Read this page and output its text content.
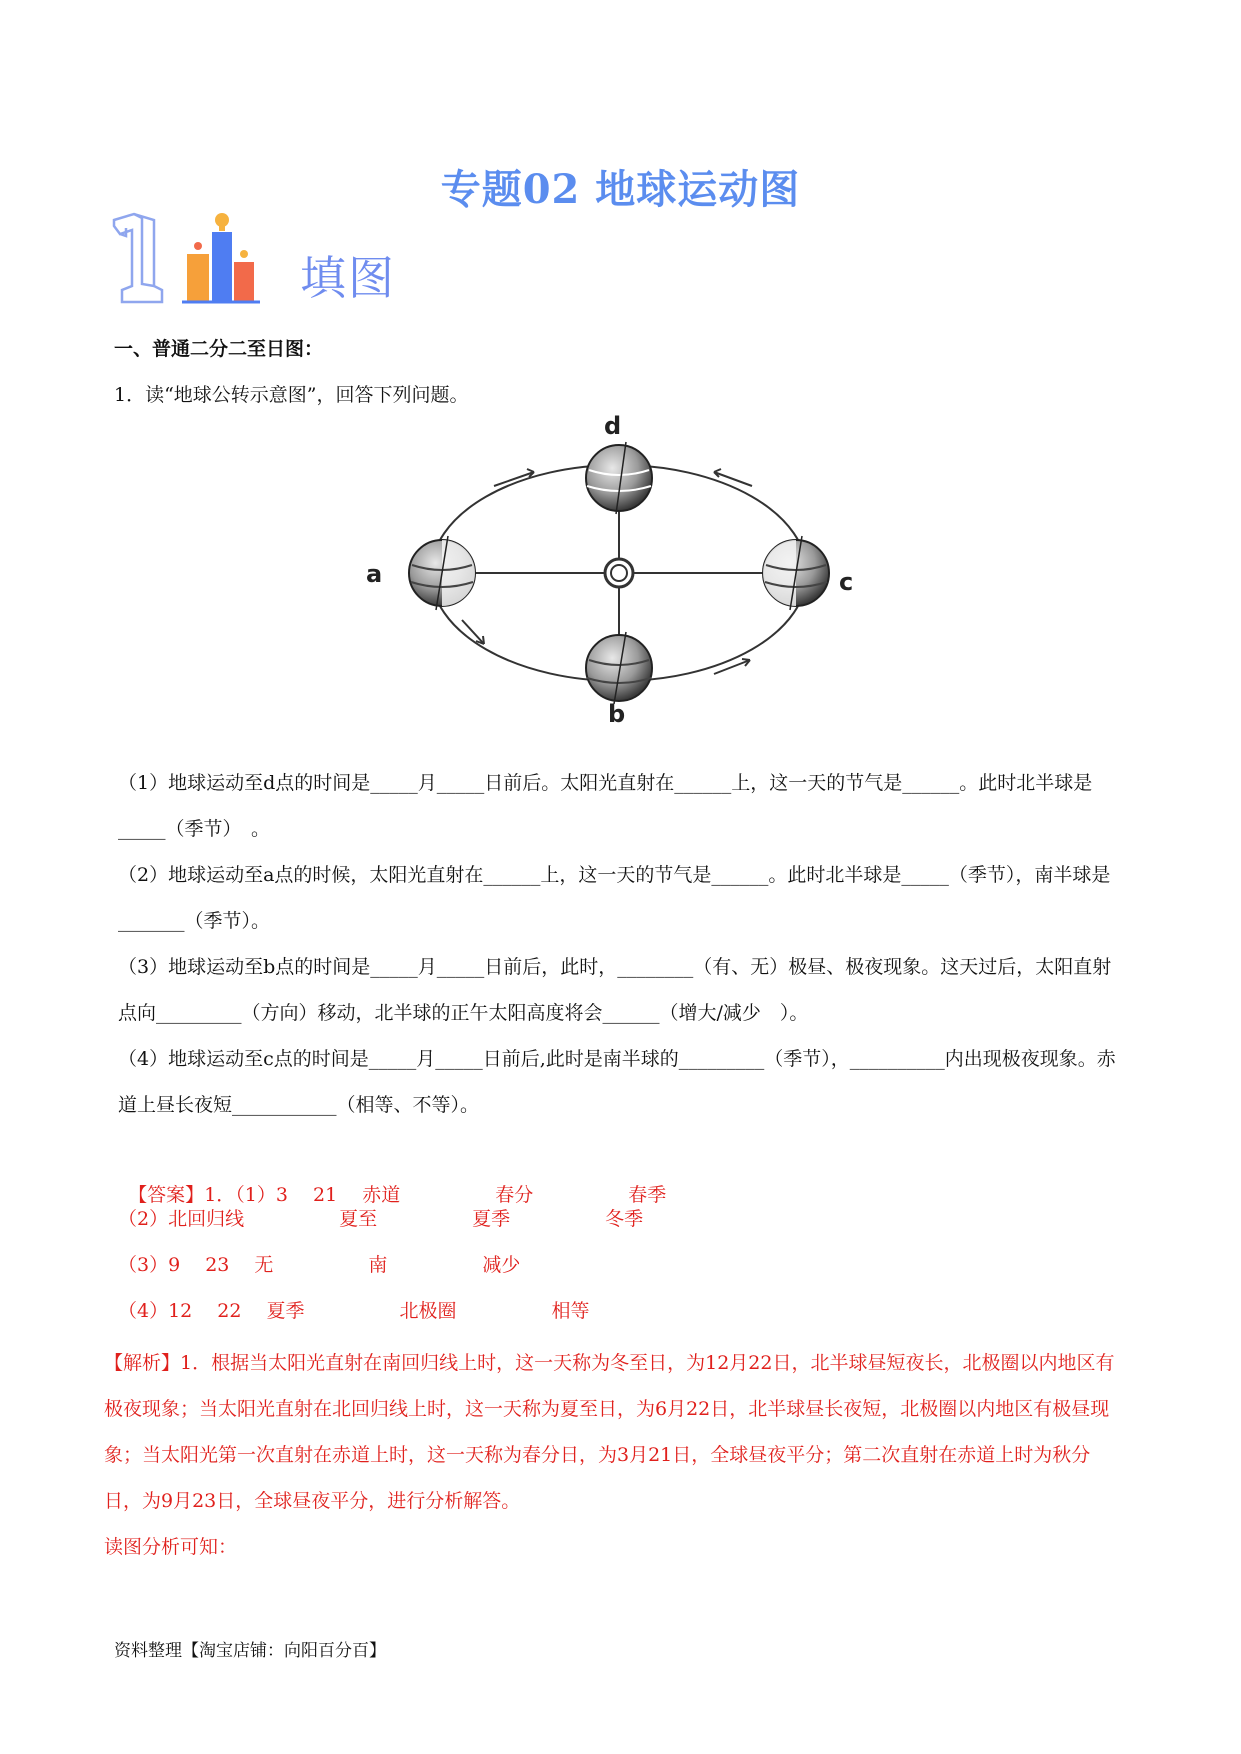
专题02 地球运动图
填图
一、普通二分二至日图：
1．读“地球公转示意图”，回答下列问题。
d
a	c
b
（1）地球运动至d点的时间是_____月_____日前后。太阳光直射在______上，这一天的节气是______。此时北半球是_____（季节）　。
（2）地球运动至a点的时候，太阳光直射在______上，这一天的节气是______。此时北半球是_____（季节），南半球是_______（季节）。
（3）地球运动至b点的时间是_____月_____日前后，此时，________（有、无）极昼、极夜现象。这天过后，太阳直射点向_________（方向）移动，北半球的正午太阳高度将会______（增大/减少　）。
（4）地球运动至c点的时间是_____月_____日前后,此时是南半球的_________（季节），__________内出现极夜现象。赤道上昼长夜短___________（相等、不等）。

【答案】1．（1）3　 21　 赤道　　　　　春分　　　　　春季

（2）北回归线　　　　　夏至　　　　　夏季　　　　　冬季
（3）9　 23　 无　　　　　南　　　　　减少
（4）12　 22　 夏季　　　　　北极圈　　　　　相等
【解析】1．根据当太阳光直射在南回归线上时，这一天称为冬至日，为12月22日，北半球昼短夜长，北极圈以内地区有极夜现象；当太阳光直射在北回归线上时，这一天称为夏至日，为6月22日，北半球昼长夜短，北极圈以内地区有极昼现象；当太阳光第一次直射在赤道上时，这一天称为春分日，为3月21日，全球昼夜平分；第二次直射在赤道上时为秋分日，为9月23日，全球昼夜平分，进行分析解答。
读图分析可知：
资料整理【淘宝店铺：向阳百分百】
